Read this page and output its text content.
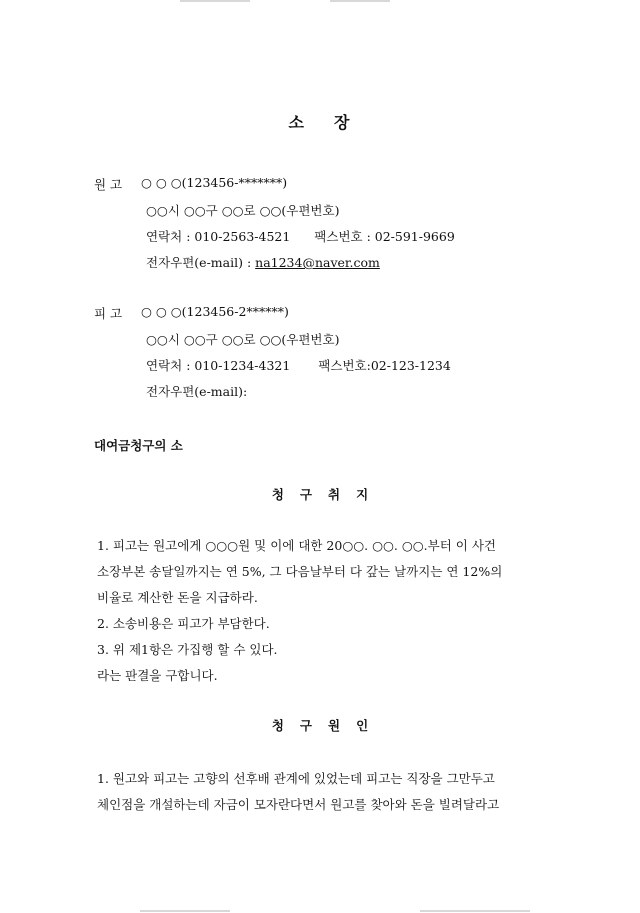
소 장
원 고 ○ ○ ○(123456-*******)
○○시 ○○구 ○○로 ○○(우편번호)
연락처 : 010-2563-4521 팩스번호 : 02-591-9669
전자우편(e-mail) : na1234@naver.com
피 고 ○ ○ ○(123456-2******)
○○시 ○○구 ○○로 ○○(우편번호)
연락처 : 010-1234-4321 팩스번호:02-123-1234
전자우편(e-mail):
대여금청구의 소
청 구 취 지
1. 피고는 원고에게 ○○○원 및 이에 대한 20○○. ○○. ○○.부터 이 사건
소장부본 송달일까지는 연 5%, 그 다음날부터 다 갚는 날까지는 연 12%의
비율로 계산한 돈을 지급하라.
2. 소송비용은 피고가 부담한다.
3. 위 제1항은 가집행 할 수 있다.
라는 판결을 구합니다.
청 구 원 인
1. 원고와 피고는 고향의 선후배 관계에 있었는데 피고는 직장을 그만두고
체인점을 개설하는데 자금이 모자란다면서 원고를 찾아와 돈을 빌려달라고
